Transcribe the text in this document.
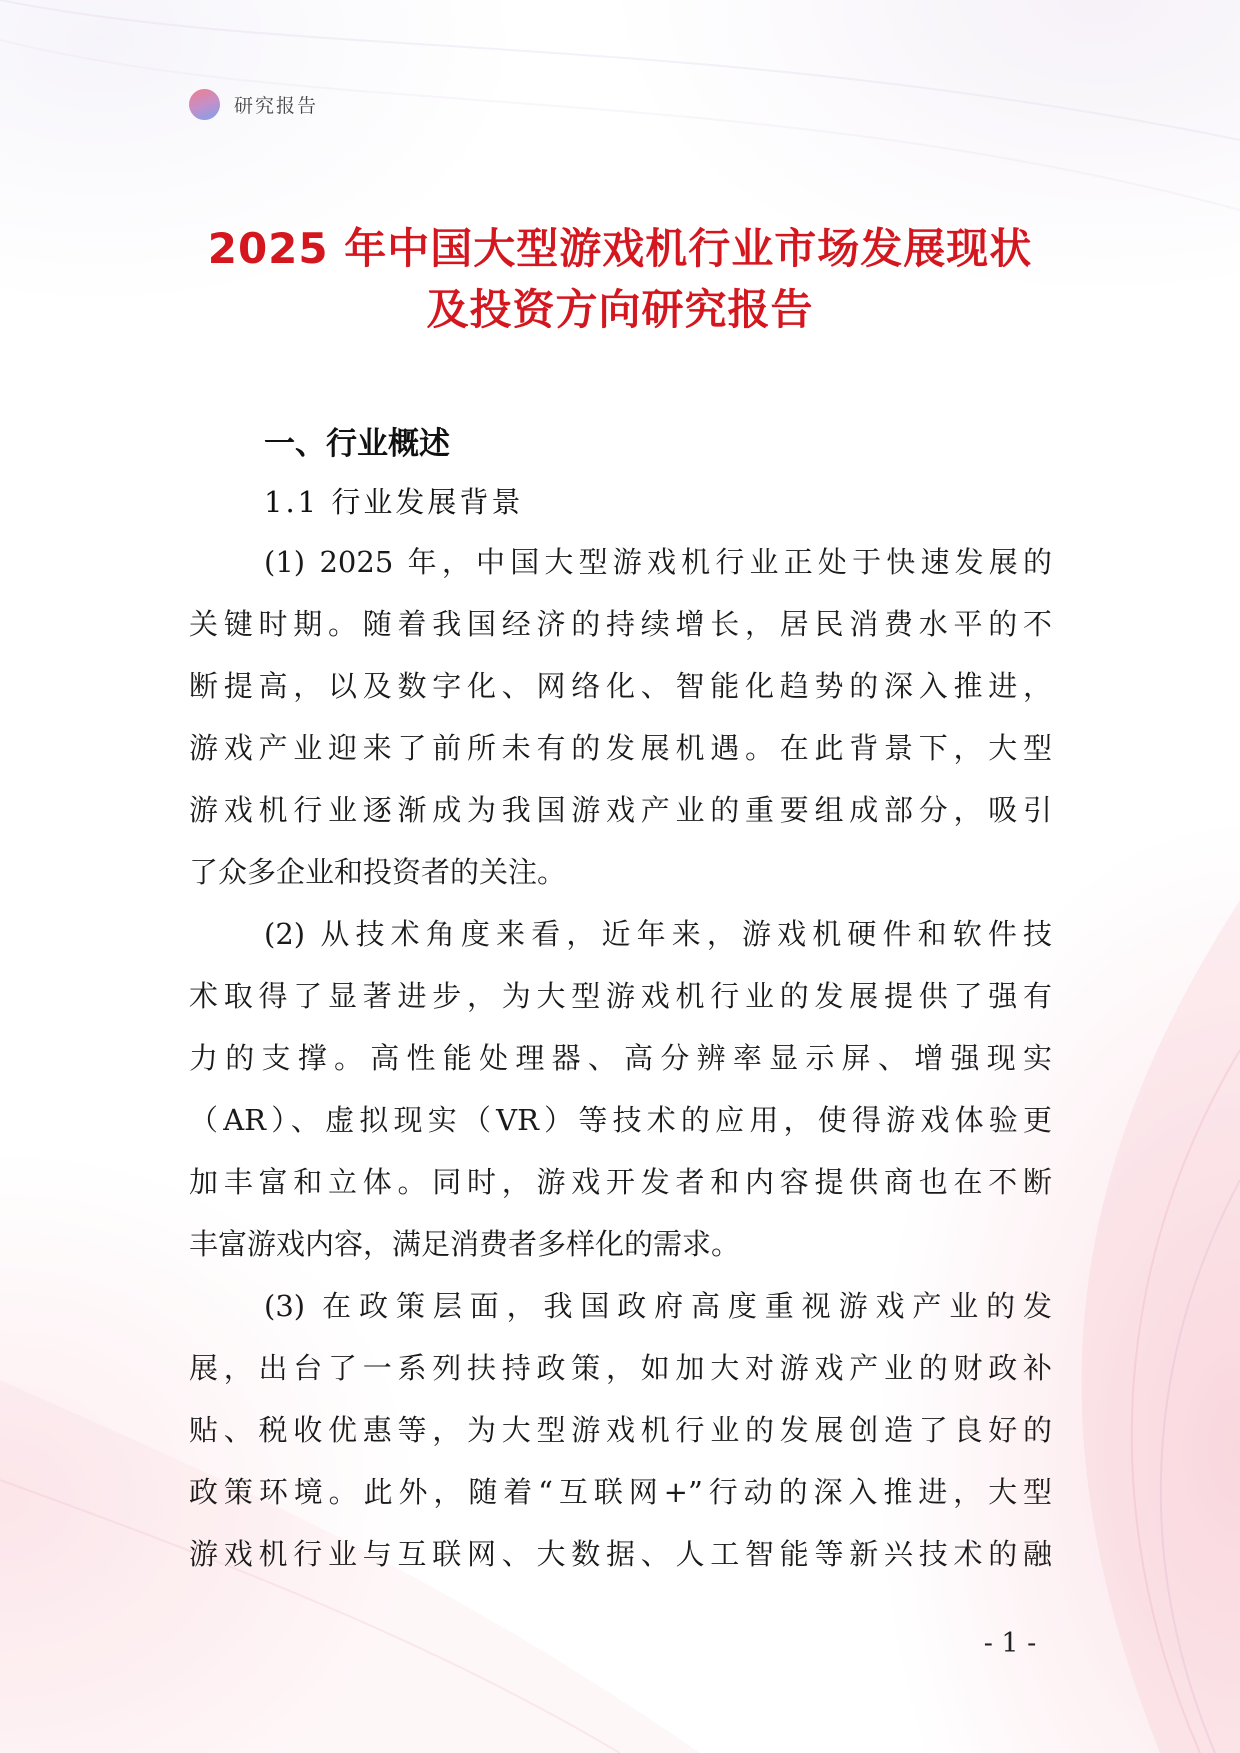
研究报告
2025 年中国大型游戏机行业市场发展现状
及投资方向研究报告
一、行业概述
1.1 行业发展背景
(1) 2025 年，中国大型游戏机行业正处于快速发展的
关键时期。随着我国经济的持续增长，居民消费水平的不
断提高，以及数字化、网络化、智能化趋势的深入推进，
游戏产业迎来了前所未有的发展机遇。在此背景下，大型
游戏机行业逐渐成为我国游戏产业的重要组成部分，吸引
了众多企业和投资者的关注。
(2) 从技术角度来看，近年来，游戏机硬件和软件技
术取得了显著进步，为大型游戏机行业的发展提供了强有
力的支撑。高性能处理器、高分辨率显示屏、增强现实
（AR）、虚拟现实（VR）等技术的应用，使得游戏体验更
加丰富和立体。同时，游戏开发者和内容提供商也在不断
丰富游戏内容，满足消费者多样化的需求。
(3) 在政策层面，我国政府高度重视游戏产业的发
展，出台了一系列扶持政策，如加大对游戏产业的财政补
贴、税收优惠等，为大型游戏机行业的发展创造了良好的
政策环境。此外，随着“互联网+”行动的深入推进，大型
游戏机行业与互联网、大数据、人工智能等新兴技术的融
- 1 -
